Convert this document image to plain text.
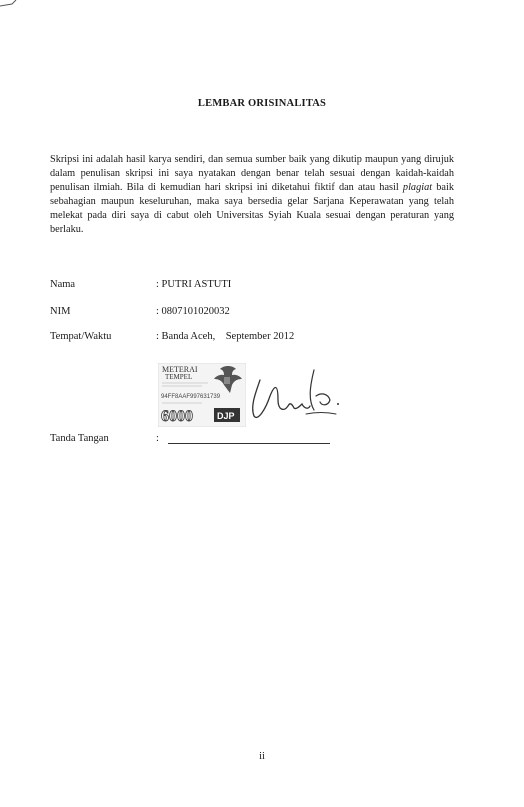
LEMBAR ORISINALITAS
Skripsi ini adalah hasil karya sendiri, dan semua sumber baik yang dikutip maupun yang dirujuk dalam penulisan skripsi ini saya nyatakan dengan benar telah sesuai dengan kaidah-kaidah penulisan ilmiah. Bila di kemudian hari skripsi ini diketahui fiktif dan atau hasil plagiat baik sebahagian maupun keseluruhan, maka saya bersedia gelar Sarjana Keperawatan yang telah melekat pada diri saya di cabut oleh Universitas Syiah Kuala sesuai dengan peraturan yang berlaku.
Nama	: PUTRI ASTUTI
NIM	: 0807101020032
Tempat/Waktu	: Banda Aceh,    September 2012
METERAI
TEMPEL
94FF8AAF997631739
6000	DJP
Tanda Tangan	:
ii
